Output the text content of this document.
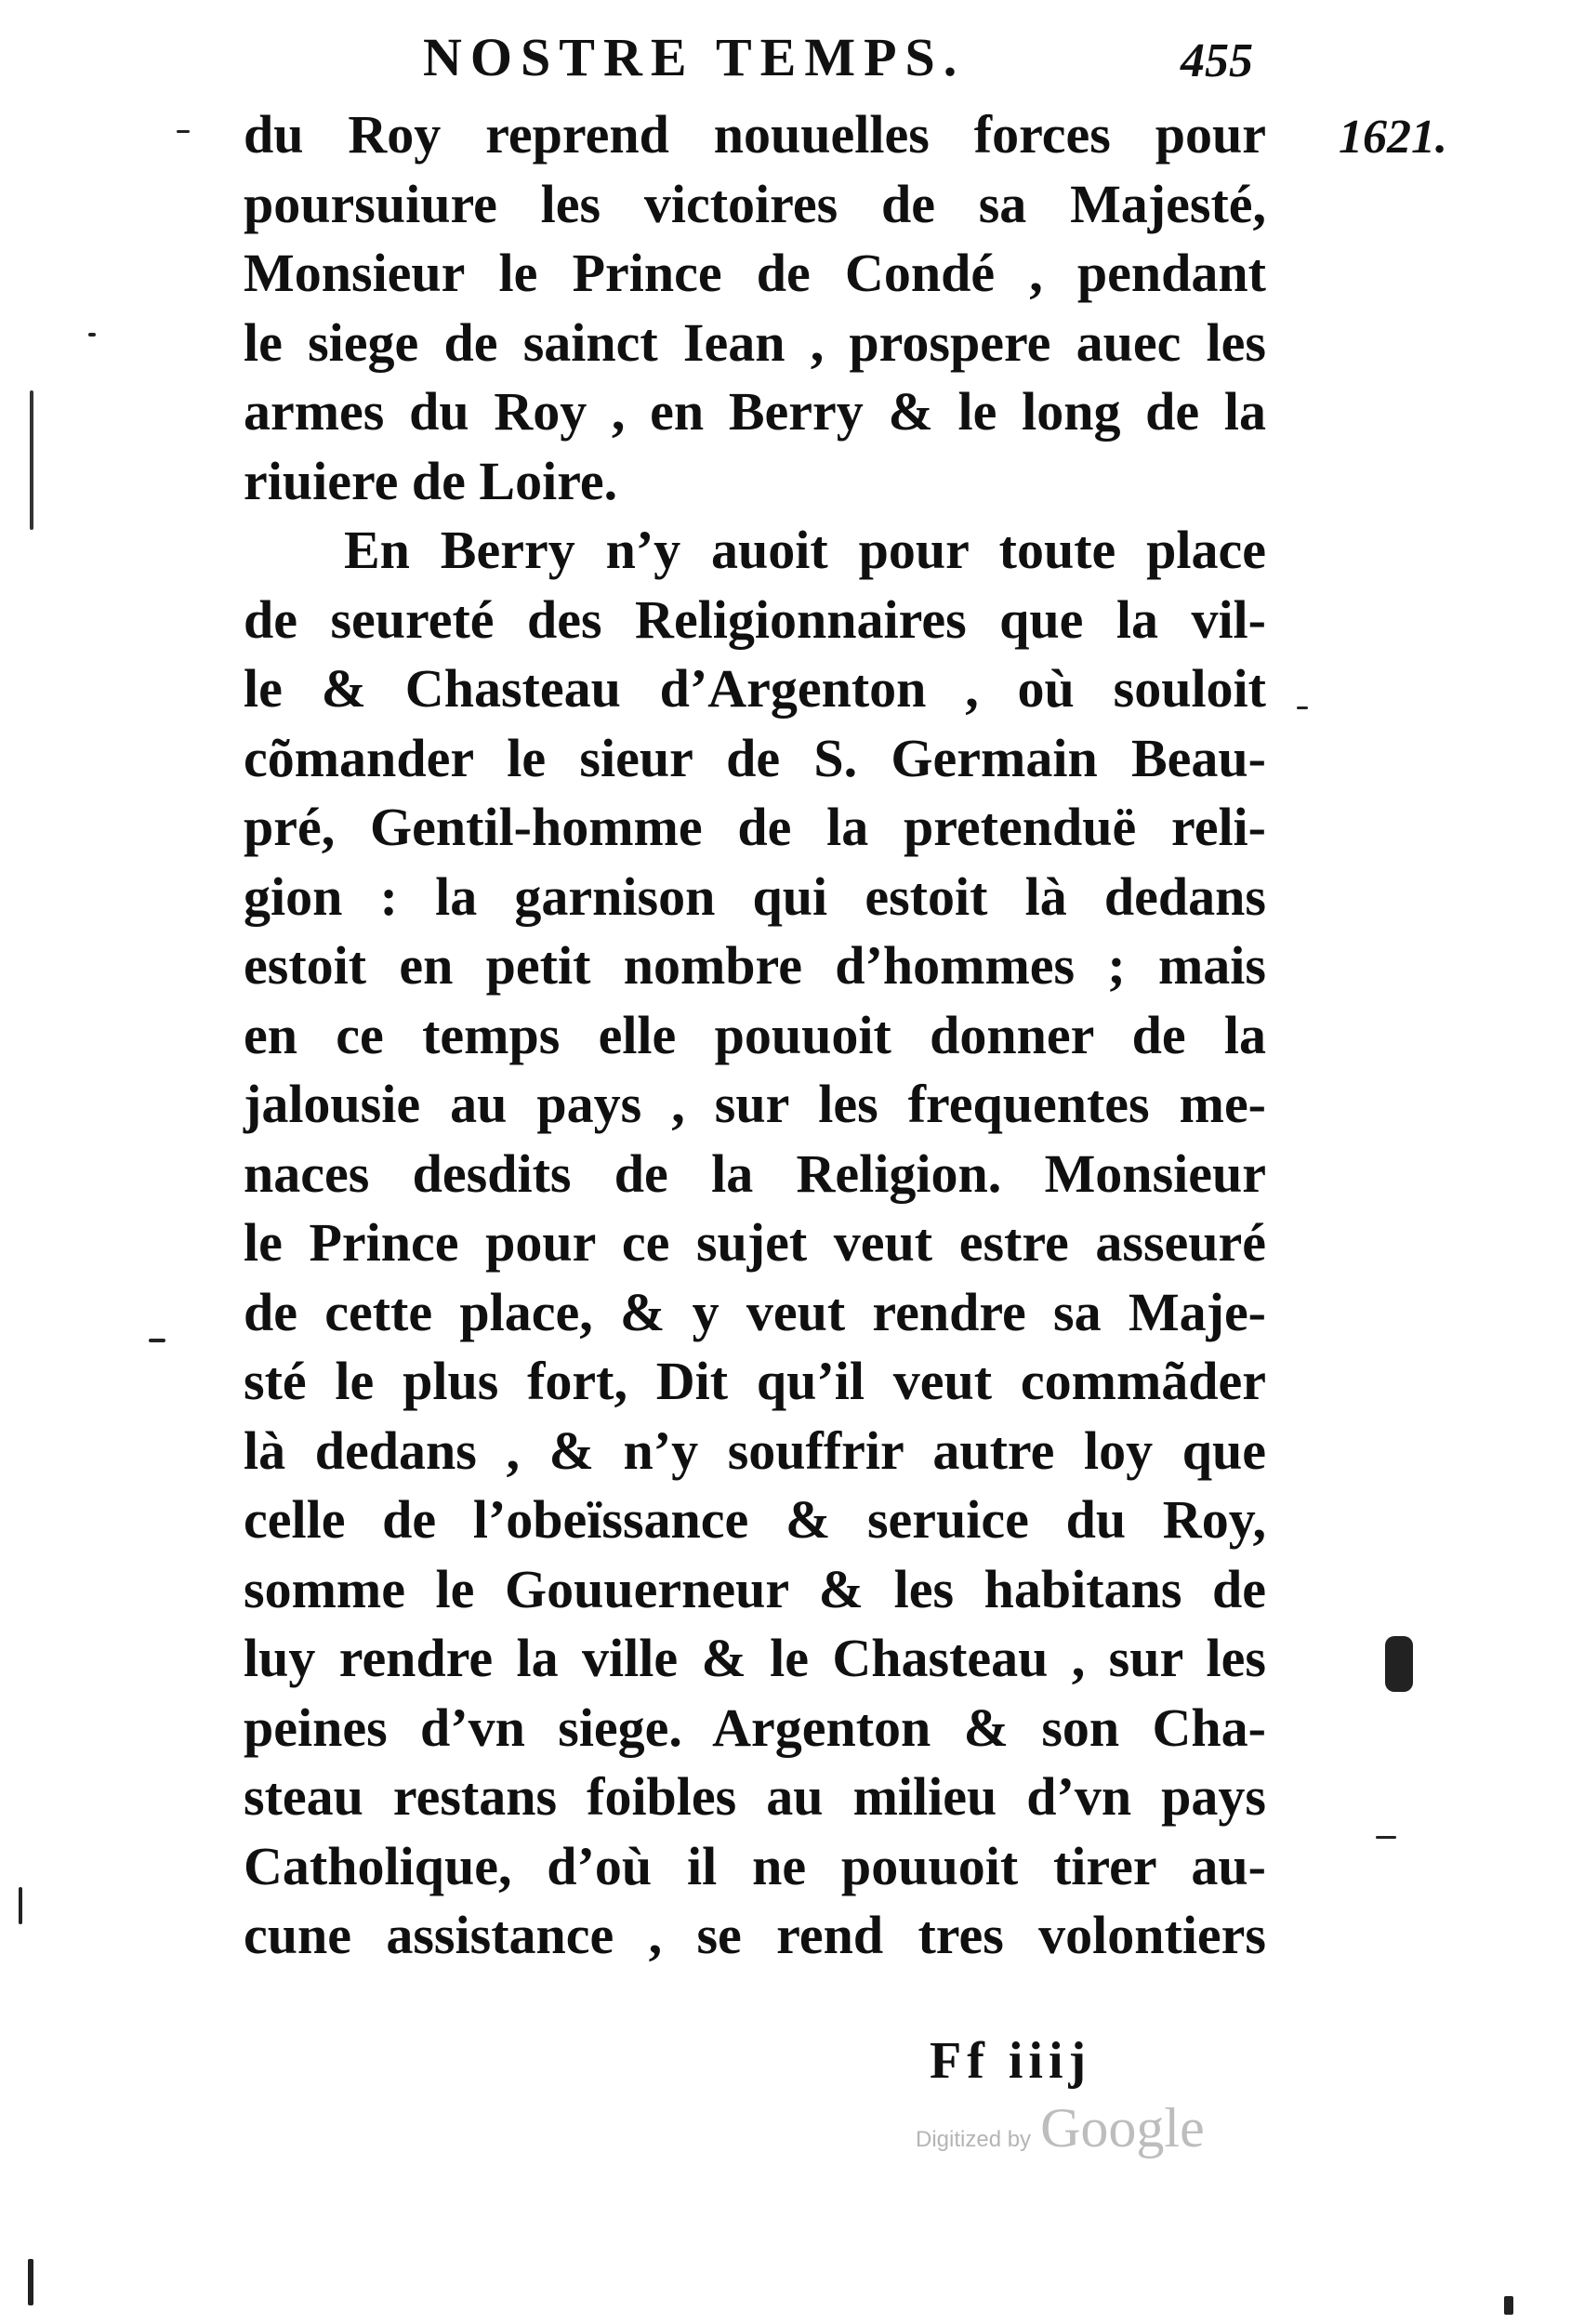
NOSTRE TEMPS.	455
1621.
du Roy reprend nouuelles forces pour
poursuiure les victoires de sa Majesté,
Monsieur le Prince de Condé , pendant
le siege de sainct Iean , prospere auec les
armes du Roy , en Berry & le long de la
riuiere de Loire.
En Berry n’y auoit pour toute place
de seureté des Religionnaires que la vil-
le & Chasteau d’Argenton , où souloit
cõmander le sieur de S. Germain Beau-
pré, Gentil-homme de la pretenduë reli-
gion : la garnison qui estoit là dedans
estoit en petit nombre d’hommes ; mais
en ce temps elle pouuoit donner de la
jalousie au pays , sur les frequentes me-
naces desdits de la Religion. Monsieur
le Prince pour ce sujet veut estre asseuré
de cette place, & y veut rendre sa Maje-
sté le plus fort, Dit qu’il veut commãder
là dedans , & n’y souffrir autre loy que
celle de l’obeïssance & seruice du Roy,
somme le Gouuerneur & les habitans de
luy rendre la ville & le Chasteau , sur les
peines d’vn siege. Argenton & son Cha-
steau restans foibles au milieu d’vn pays
Catholique, d’où il ne pouuoit tirer au-
cune assistance , se rend tres volontiers
Ff iiij
Digitized by Google
